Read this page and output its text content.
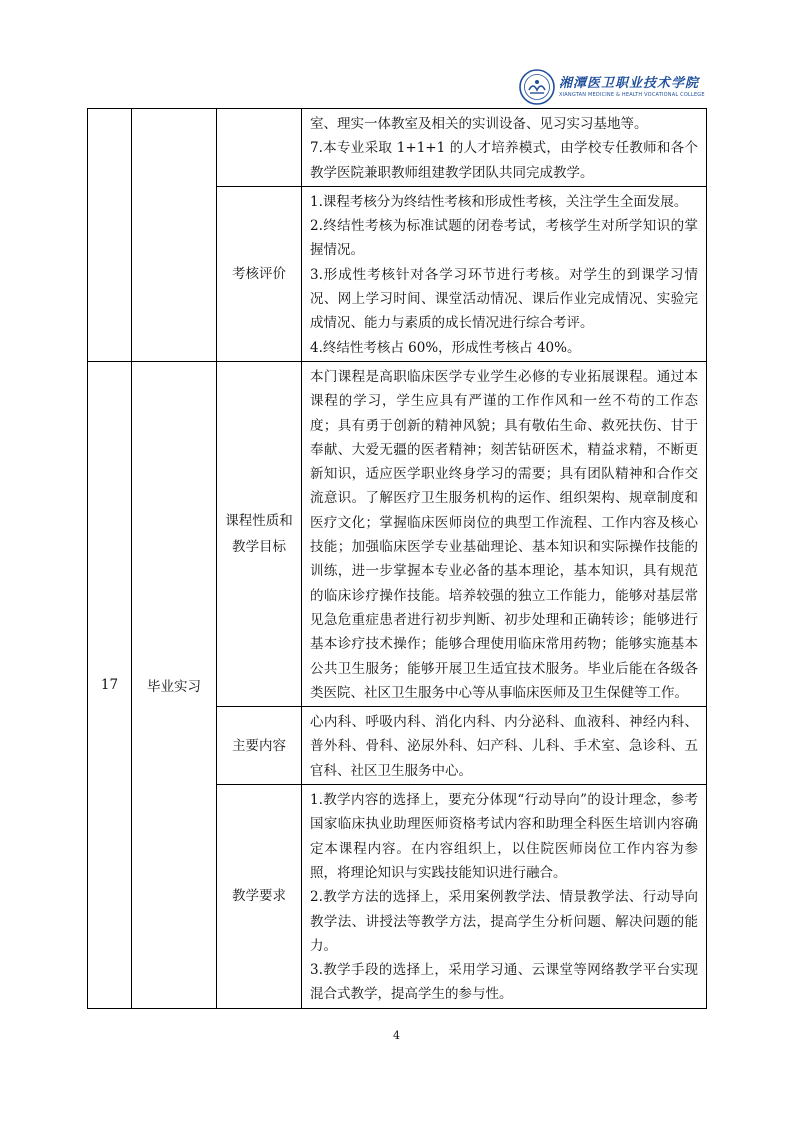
湘潭医卫职业技术学院
XIANGTAN MEDICINE & HEALTH VOCATIONAL COLLEGE

			室、理实一体教室及相关的实训设备、见习实习基地等。

7.本专业采取 1+1+1 的人才培养模式，由学校专任教师和各个教学医院兼职教师组建教学团队共同完成教学。

		考核评价	1.课程考核分为终结性考核和形成性考核，关注学生全面发展。

2.终结性考核为标准试题的闭卷考试，考核学生对所学知识的掌握情况。

3.形成性考核针对各学习环节进行考核。对学生的到课学习情况、网上学习时间、课堂活动情况、课后作业完成情况、实验完成情况、能力与素质的成长情况进行综合考评。

4.终结性考核占 60%，形成性考核占 40%。

17	毕业实习	课程性质和教学目标	本门课程是高职临床医学专业学生必修的专业拓展课程。通过本课程的学习，学生应具有严谨的工作作风和一丝不苟的工作态度；具有勇于创新的精神风貌；具有敬佑生命、救死扶伤、甘于奉献、大爱无疆的医者精神；刻苦钻研医术，精益求精，不断更新知识，适应医学职业终身学习的需要；具有团队精神和合作交流意识。了解医疗卫生服务机构的运作、组织架构、规章制度和医疗文化；掌握临床医师岗位的典型工作流程、工作内容及核心技能；加强临床医学专业基础理论、基本知识和实际操作技能的训练，进一步掌握本专业必备的基本理论，基本知识，具有规范的临床诊疗操作技能。培养较强的独立工作能力，能够对基层常见急危重症患者进行初步判断、初步处理和正确转诊；能够进行基本诊疗技术操作；能够合理使用临床常用药物；能够实施基本公共卫生服务；能够开展卫生适宜技术服务。毕业后能在各级各类医院、社区卫生服务中心等从事临床医师及卫生保健等工作。

		主要内容	心内科、呼吸内科、消化内科、内分泌科、血液科、神经内科、普外科、骨科、泌尿外科、妇产科、儿科、手术室、急诊科、五官科、社区卫生服务中心。

		教学要求	1.教学内容的选择上，要充分体现“行动导向”的设计理念，参考国家临床执业助理医师资格考试内容和助理全科医生培训内容确定本课程内容。在内容组织上，以住院医师岗位工作内容为参照，将理论知识与实践技能知识进行融合。

2.教学方法的选择上，采用案例教学法、情景教学法、行动导向教学法、讲授法等教学方法，提高学生分析问题、解决问题的能力。

3.教学手段的选择上，采用学习通、云课堂等网络教学平台实现混合式教学，提高学生的参与性。

4
